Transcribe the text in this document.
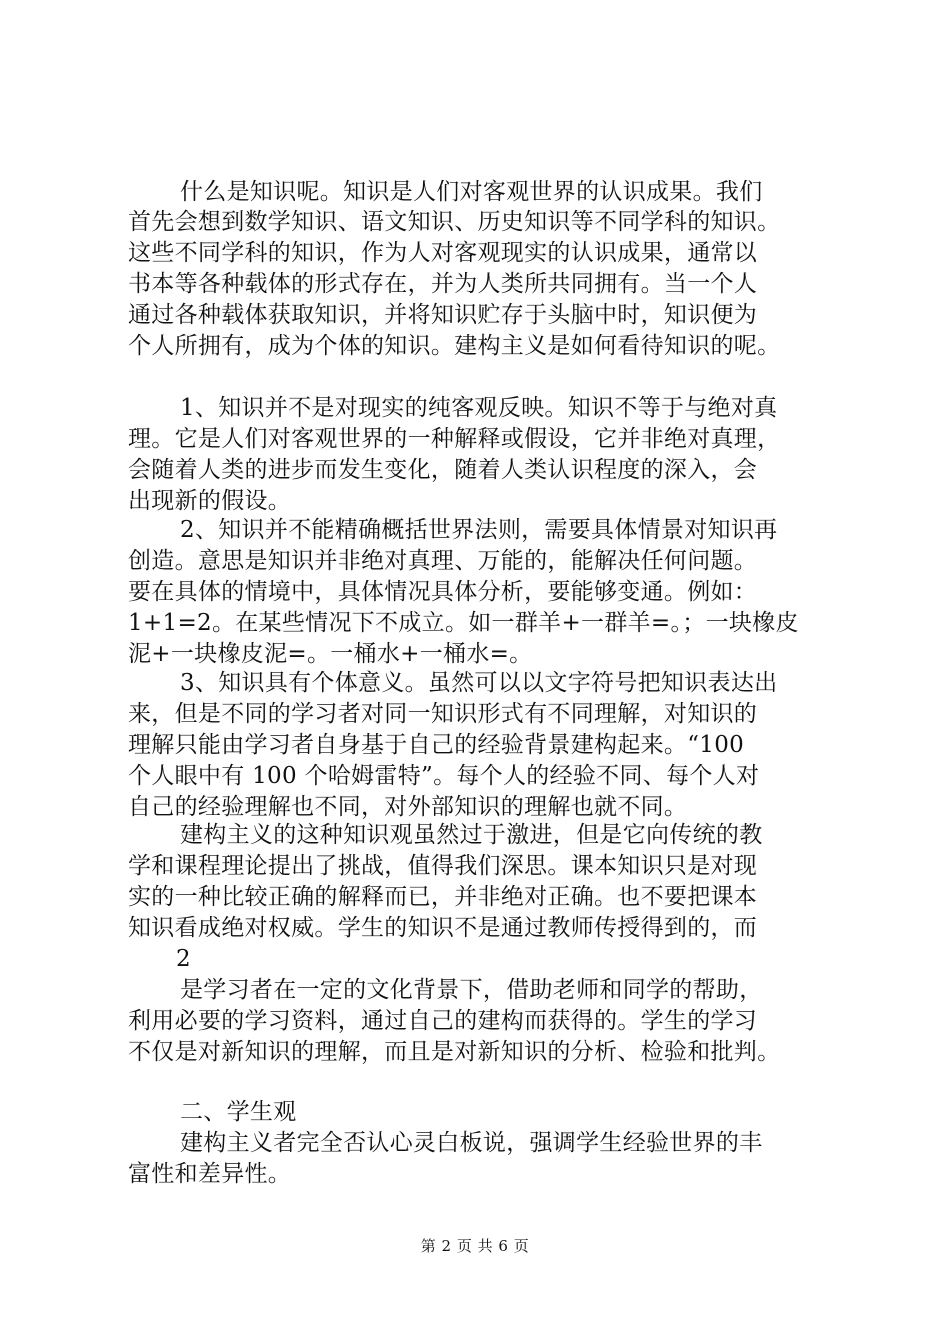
什么是知识呢。知识是人们对客观世界的认识成果。我们
首先会想到数学知识、语文知识、历史知识等不同学科的知识。
这些不同学科的知识，作为人对客观现实的认识成果，通常以
书本等各种载体的形式存在，并为人类所共同拥有。当一个人
通过各种载体获取知识，并将知识贮存于头脑中时，知识便为
个人所拥有，成为个体的知识。建构主义是如何看待知识的呢。
1、知识并不是对现实的纯客观反映。知识不等于与绝对真
理。它是人们对客观世界的一种解释或假设，它并非绝对真理，
会随着人类的进步而发生变化，随着人类认识程度的深入，会
出现新的假设。
2、知识并不能精确概括世界法则，需要具体情景对知识再
创造。意思是知识并非绝对真理、万能的，能解决任何问题。
要在具体的情境中，具体情况具体分析，要能够变通。例如：
1+1=2。在某些情况下不成立。如一群羊+一群羊=。；一块橡皮
泥+一块橡皮泥=。一桶水+一桶水=。
3、知识具有个体意义。虽然可以以文字符号把知识表达出
来，但是不同的学习者对同一知识形式有不同理解，对知识的
理解只能由学习者自身基于自己的经验背景建构起来。“100
个人眼中有 100 个哈姆雷特”。每个人的经验不同、每个人对
自己的经验理解也不同，对外部知识的理解也就不同。
建构主义的这种知识观虽然过于激进，但是它向传统的教
学和课程理论提出了挑战，值得我们深思。课本知识只是对现
实的一种比较正确的解释而已，并非绝对正确。也不要把课本
知识看成绝对权威。学生的知识不是通过教师传授得到的，而
2
是学习者在一定的文化背景下，借助老师和同学的帮助，
利用必要的学习资料，通过自己的建构而获得的。学生的学习
不仅是对新知识的理解，而且是对新知识的分析、检验和批判。
二、学生观
建构主义者完全否认心灵白板说，强调学生经验世界的丰
富性和差异性。
第 2 页 共 6 页
